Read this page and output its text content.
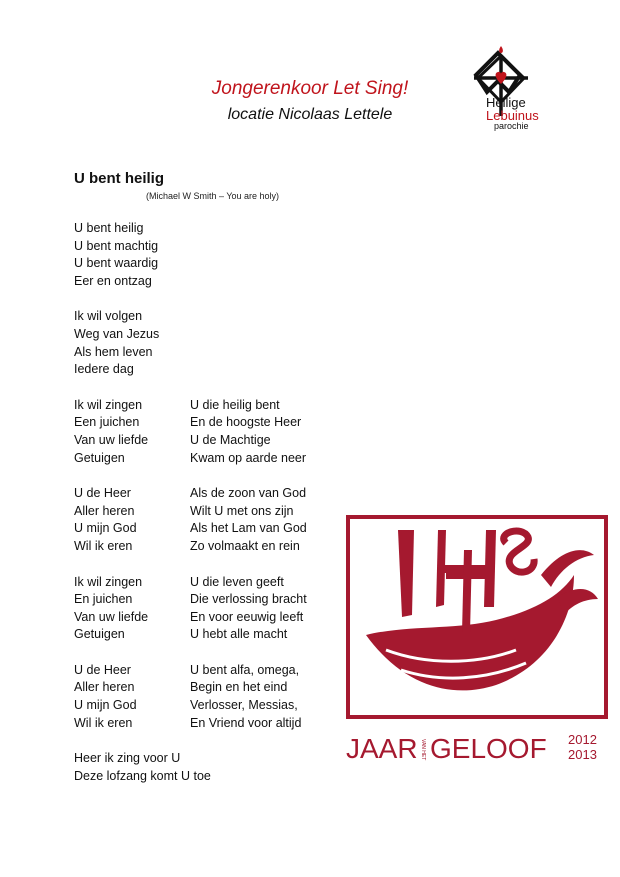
Jongerenkoor Let Sing!
locatie Nicolaas Lettele
Heilige
Lebuinus
parochie
U bent heilig
(Michael W Smith – You are holy)
U bent heilig
U bent machtig
U bent waardig
Eer en ontzag
Ik wil volgen
Weg van Jezus
Als hem leven
Iedere dag
Ik wil zingen	U die heilig bent
Een juichen	En de hoogste Heer
Van uw liefde	U de Machtige
Getuigen	Kwam op aarde neer
U de Heer	Als de zoon van God
Aller heren	Wilt U met ons zijn
U mijn God	Als het Lam van God
Wil ik eren	Zo volmaakt en rein
Ik wil zingen	U die leven geeft
En juichen	Die verlossing bracht
Van uw liefde	En voor eeuwig leeft
Getuigen	U hebt alle macht
U de Heer	U bent alfa, omega,
Aller heren	Begin en het eind
U mijn God	Verlosser, Messias,
Wil ik eren	En Vriend voor altijd
Heer ik zing voor U
Deze lofzang komt U toe
JAAR VAN HET GELOOF 2012
2013
